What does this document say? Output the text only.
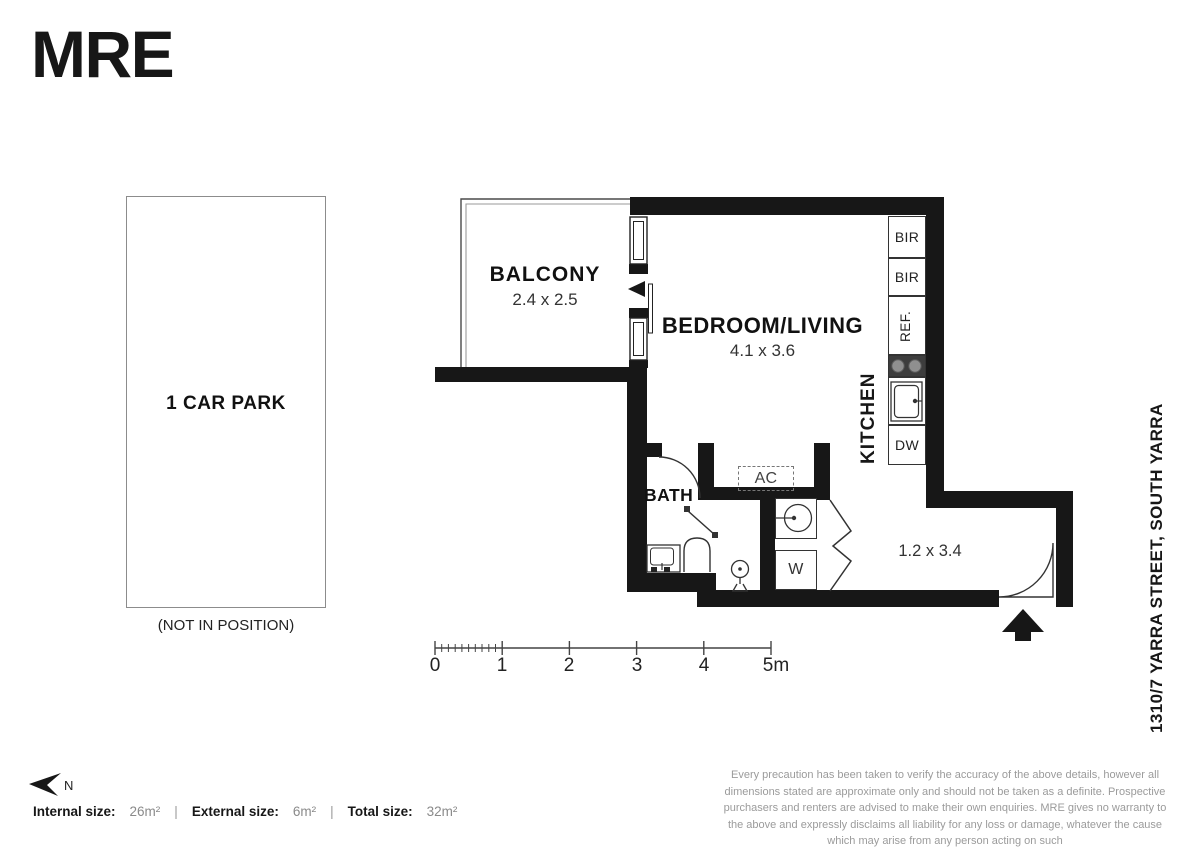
MRE
1 CAR PARK
(NOT IN POSITION)
BIR
BIR
DW
AC
W
BALCONY
2.4 x 2.5
BEDROOM/LIVING
4.1 x 3.6
BATH
1.2 x 3.4
KITCHEN
REF.
1310/7 YARRA STREET, SOUTH YARRA
0	1	2	3	4	5m
N
Internal size: 26m² | External size: 6m² | Total size: 32m²
Every precaution has been taken to verify the accuracy of the above details, however all dimensions stated are approximate only and should not be taken as a definite. Prospective purchasers and renters are advised to make their own enquiries. MRE gives no warranty to the above and expressly disclaims all liability for any loss or damage, whatever the cause which may arise from any person acting on such
